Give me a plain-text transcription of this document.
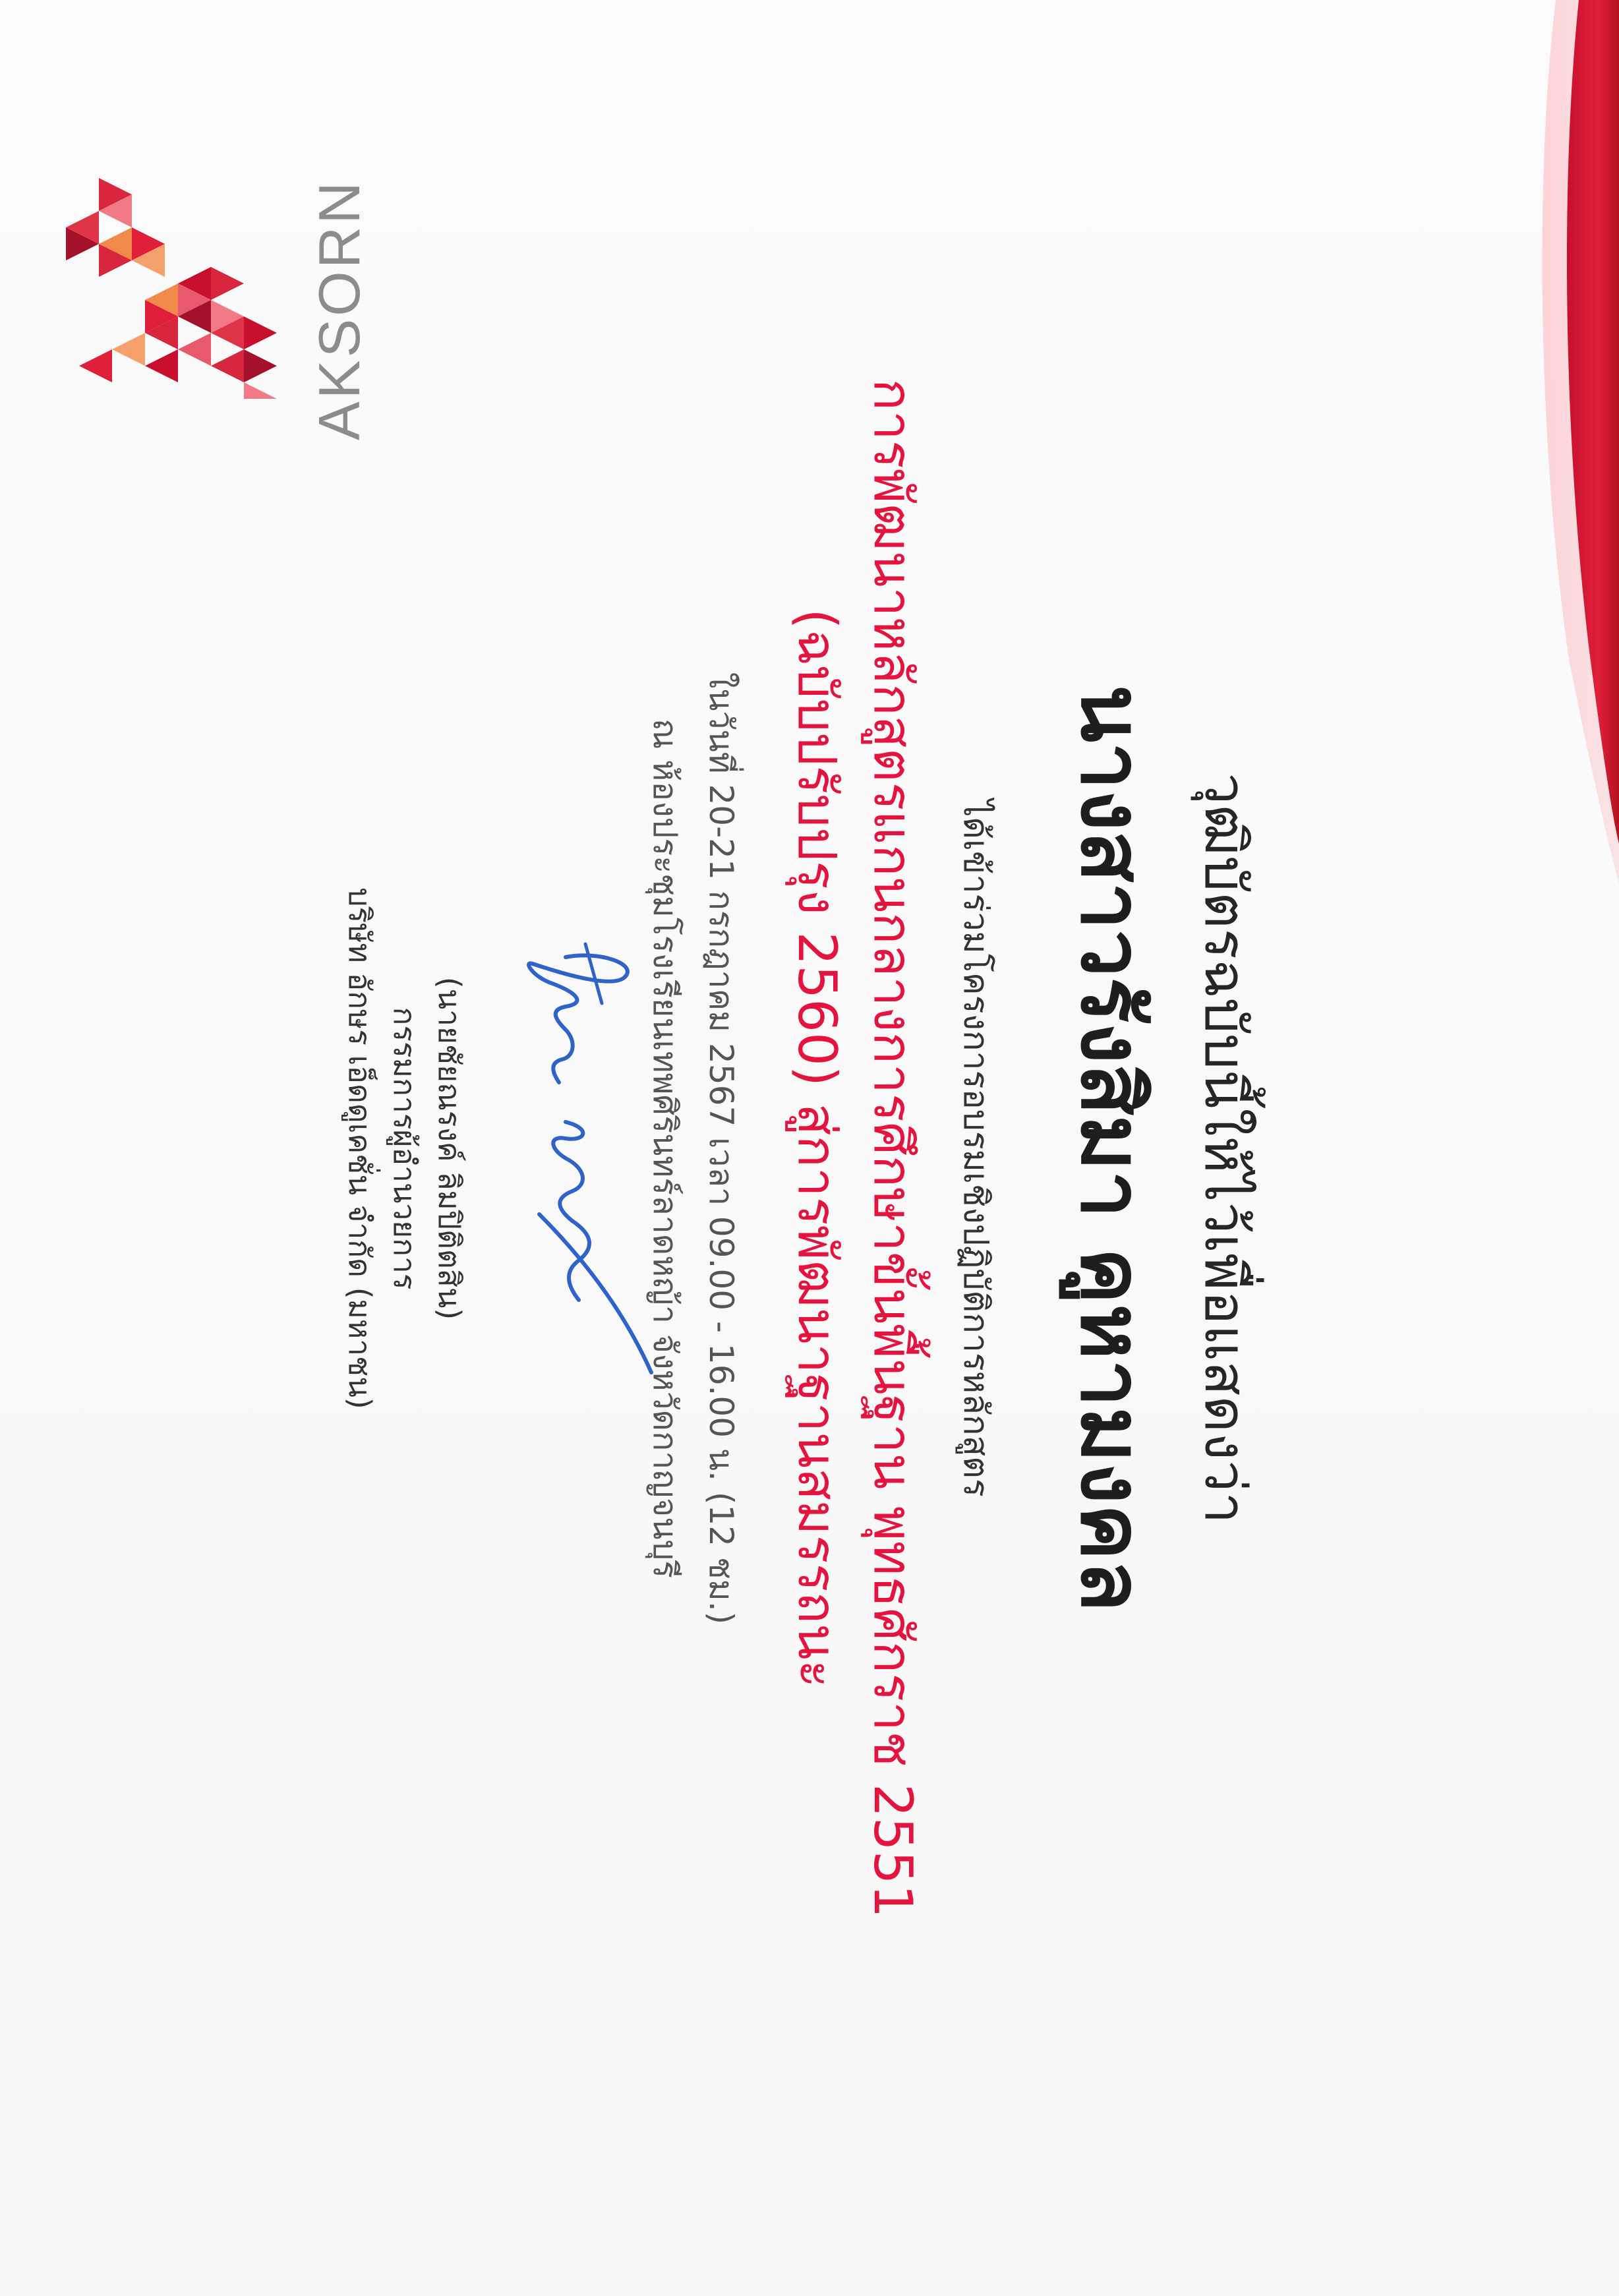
AKSORN
วุฒิบัตรฉบับนี้ให้ไว้เพื่อแสดงว่า
นางสาวรังสิมา คูหามงคล
ได้เข้าร่วมโครงการอบรมเชิงปฏิบัติการหลักสูตร
การพัฒนาหลักสูตรแกนกลางการศึกษาขั้นพื้นฐาน พุทธศักราช 2551
(ฉบับปรับปรุง 2560) สู่การพัฒนาฐานสมรรถนะ
ในวันที่ 20-21 กรกฎาคม 2567 เวลา 09.00 - 16.00 น. (12 ชม.)
ณ ห้องประชุมโรงเรียนเทพศิรินทร์ลาดหญ้า จังหวัดกาญจนบุรี
(นายชัยณรงค์ ลิมปิติตสิน)
กรรมการผู้อำนวยการ
บริษัท อักษร เอ็ดดูเคชั่น จำกัด (มหาชน)
